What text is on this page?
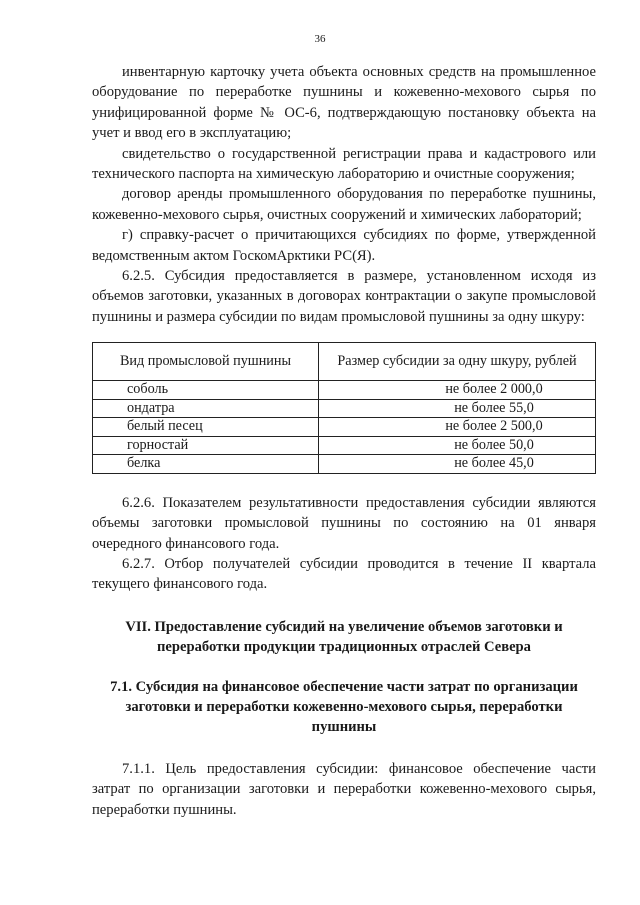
36

инвентарную карточку учета объекта основных средств на промышленное оборудование по переработке пушнины и кожевенно-мехового сырья по унифицированной форме № ОС-6, подтверждающую постановку объекта на учет и ввод его в эксплуатацию;

свидетельство о государственной регистрации права и кадастрового или технического паспорта на химическую лабораторию и очистные сооружения;

договор аренды промышленного оборудования по переработке пушнины, кожевенно-мехового сырья, очистных сооружений и химических лабораторий;

г) справку-расчет о причитающихся субсидиях по форме, утвержденной ведомственным актом ГоскомАрктики РС(Я).

6.2.5. Субсидия предоставляется в размере, установленном исходя из объемов заготовки, указанных в договорах контрактации о закупе промысловой пушнины и размера субсидии по видам промысловой пушнины за одну шкуру:

Вид промысловой пушнины	Размер субсидии за одну шкуру, рублей
соболь	не более 2 000,0
ондатра	не более 55,0
белый песец	не более 2 500,0
горностай	не более 50,0
белка	не более 45,0

6.2.6. Показателем результативности предоставления субсидии являются объемы заготовки промысловой пушнины по состоянию на 01 января очередного финансового года.

6.2.7. Отбор получателей субсидии проводится в течение II квартала текущего финансового года.

VII. Предоставление субсидий на увеличение объемов заготовки и переработки продукции традиционных отраслей Севера

7.1. Субсидия на финансовое обеспечение части затрат по организации заготовки и переработки кожевенно-мехового сырья, переработки пушнины

7.1.1. Цель предоставления субсидии: финансовое обеспечение части затрат по организации заготовки и переработки кожевенно-мехового сырья, переработки пушнины.
